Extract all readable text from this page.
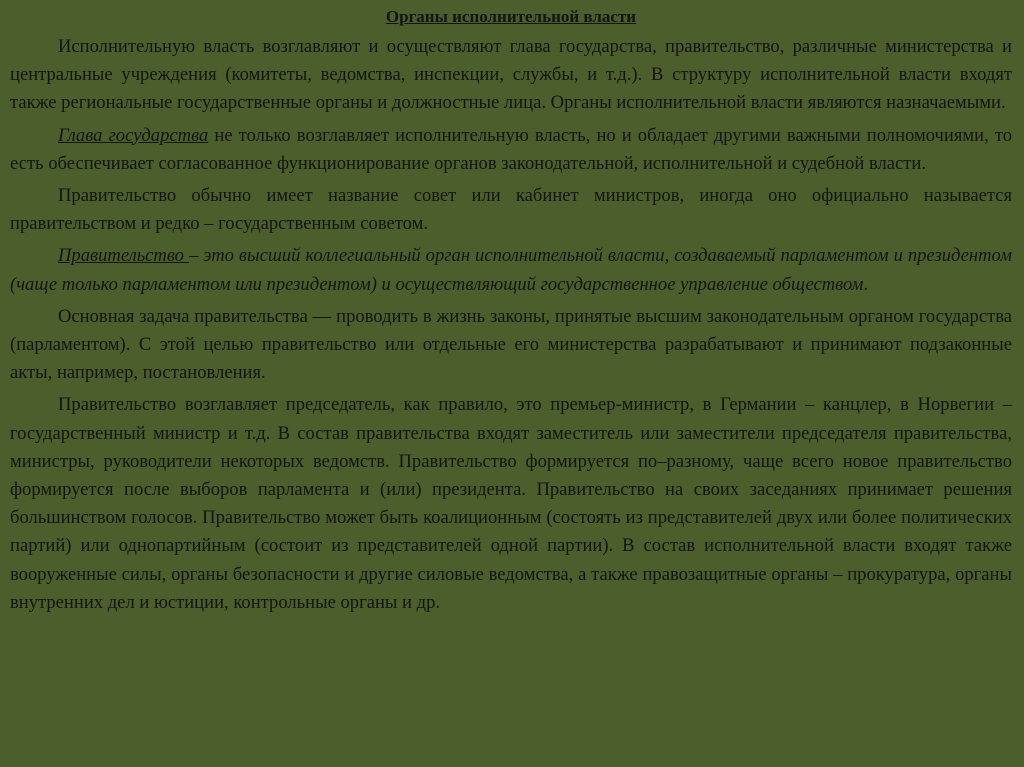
Органы исполнительной власти

Исполнительную власть возглавляют и осуществляют глава государства, правительство, различные министерства и центральные учреждения (комитеты, ведомства, инспекции, службы, и т.д.). В структуру исполнительной власти входят также региональные государственные органы и должностные лица. Органы исполнительной власти являются назначаемыми.

Глава государства не только возглавляет исполнительную власть, но и обладает другими важными полномочиями, то есть обеспечивает согласованное функционирование органов законодательной, исполнительной и судебной власти.

Правительство обычно имеет название совет или кабинет министров, иногда оно официально называется правительством и редко – государственным советом.

Правительство – это высший коллегиальный орган исполнительной власти, создаваемый парламентом и президентом (чаще только парламентом или президентом) и осуществляющий государственное управление обществом.

Основная задача правительства — проводить в жизнь законы, принятые высшим законодательным органом государства (парламентом). С этой целью правительство или отдельные его министерства разрабатывают и принимают подзаконные акты, например, постановления.

Правительство возглавляет председатель, как правило, это премьер-министр, в Германии – канцлер, в Норвегии – государственный министр и т.д. В состав правительства входят заместитель или заместители председателя правительства, министры, руководители некоторых ведомств. Правительство формируется по–разному, чаще всего новое правительство формируется после выборов парламента и (или) президента. Правительство на своих заседаниях принимает решения большинством голосов. Правительство может быть коалиционным (состоять из представителей двух или более политических партий) или однопартийным (состоит из представителей одной партии). В состав исполнительной власти входят также вооруженные силы, органы безопасности и другие силовые ведомства, а также правозащитные органы – прокуратура, органы внутренних дел и юстиции, контрольные органы и др.
